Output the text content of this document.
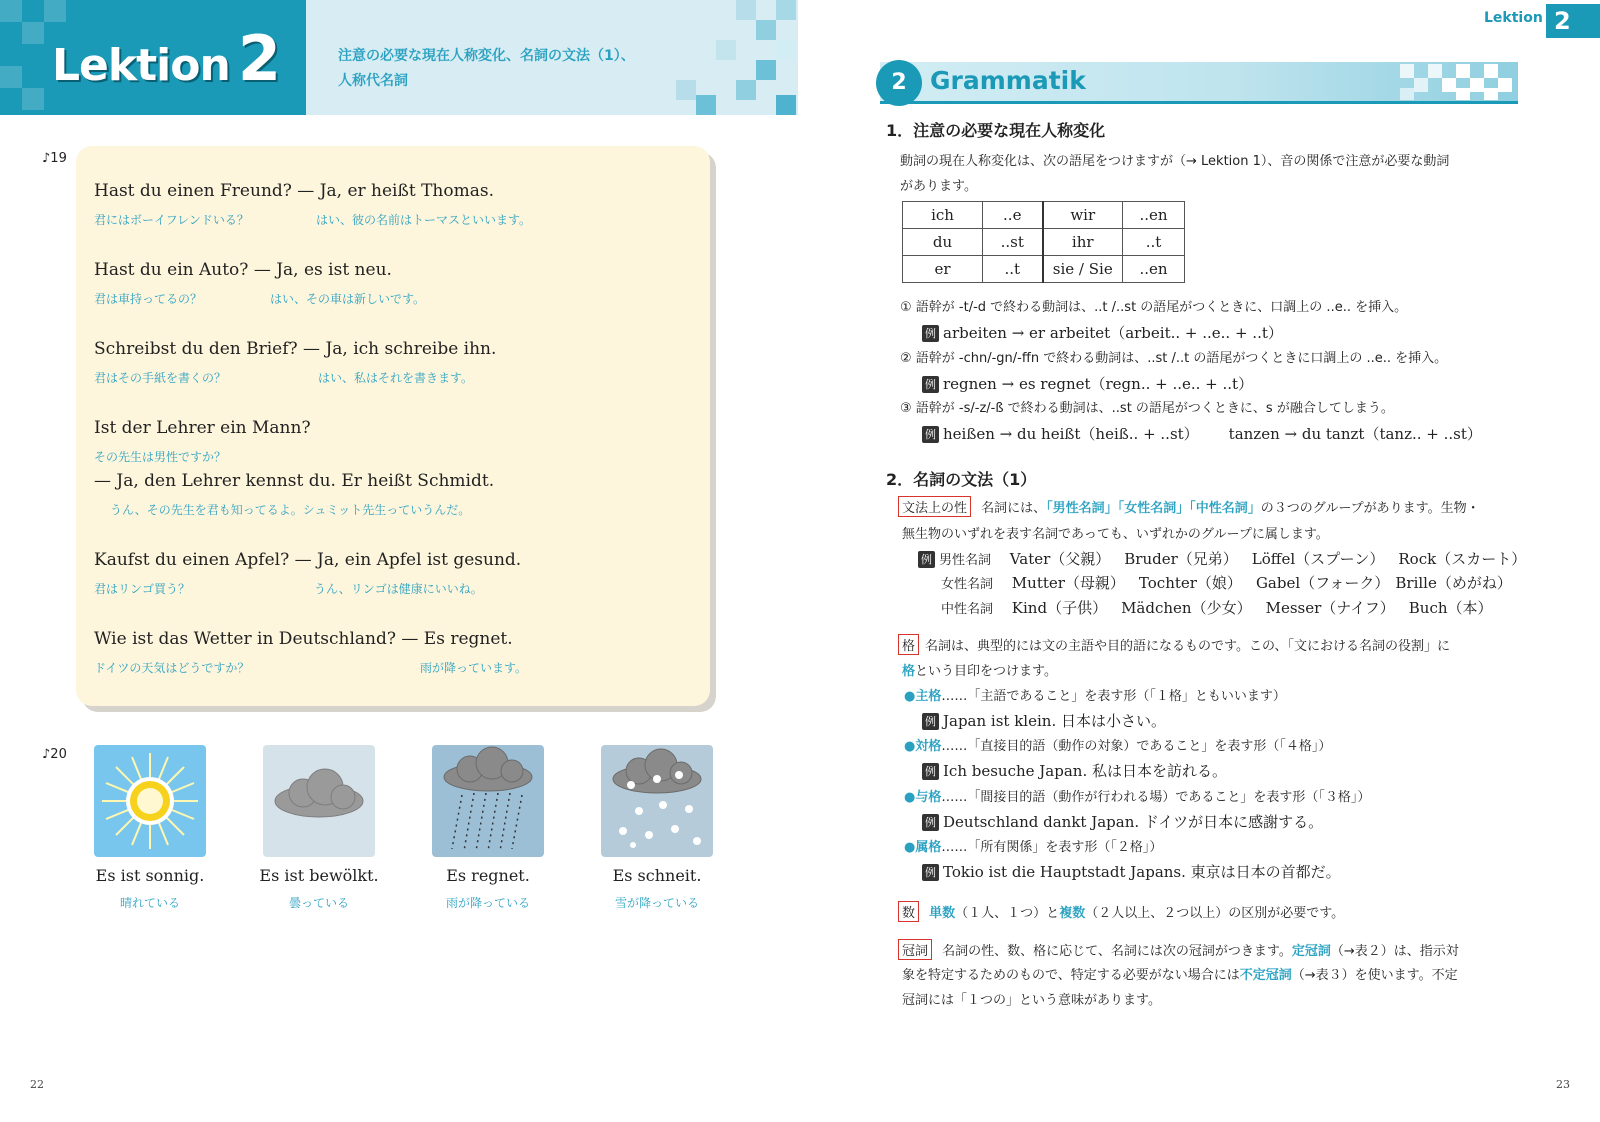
Lektion 2	注意の必要な現在人称変化、名詞の文法（1）、
人称代名詞
♪19
Hast du einen Freund? — Ja, er heißt Thomas.
君にはボーイフレンドいる？	はい、彼の名前はトーマスといいます。
Hast du ein Auto? — Ja, es ist neu.
君は車持ってるの？	はい、その車は新しいです。
Schreibst du den Brief? — Ja, ich schreibe ihn.
君はその手紙を書くの？	はい、私はそれを書きます。
Ist der Lehrer ein Mann?
その先生は男性ですか？
— Ja, den Lehrer kennst du. Er heißt Schmidt.
うん、その先生を君も知ってるよ。シュミット先生っていうんだ。
Kaufst du einen Apfel? — Ja, ein Apfel ist gesund.
君はリンゴ買う？	うん、リンゴは健康にいいね。
Wie ist das Wetter in Deutschland? — Es regnet.
ドイツの天気はどうですか？	雨が降っています。
♪20
Es ist sonnig.
晴れている
Es ist bewölkt.
曇っている
Es regnet.
雨が降っている
Es schneit.
雪が降っている
22
Lektion 2
2 Grammatik
1．注意の必要な現在人称変化
動詞の現在人称変化は、次の語尾をつけますが（→ Lektion 1）、音の関係で注意が必要な動詞
があります。
ich	..e	wir	..en
du	..st	ihr	..t
er	..t	sie / Sie	..en
① 語幹が -t/-d で終わる動詞は、..t /..st の語尾がつくときに、口調上の ..e.. を挿入。
例 arbeiten → er arbeitet（arbeit.. + ..e.. + ..t）
② 語幹が -chn/-gn/-ffn で終わる動詞は、..st /..t の語尾がつくときに口調上の ..e.. を挿入。
例 regnen → es regnet（regn.. + ..e.. + ..t）
③ 語幹が -s/-z/-ß で終わる動詞は、..st の語尾がつくときに、s が融合してしまう。
例 heißen → du heißt（heiß.. + ..st） tanzen → du tanzt（tanz.. + ..st）
2．名詞の文法（1）
文法上の性 名詞には、「男性名詞」「女性名詞」「中性名詞」の３つのグループがあります。生物・
無生物のいずれを表す名詞であっても、いずれかのグループに属します。
例 男性名詞 Vater（父親） Bruder（兄弟） Löffel（スプーン） Rock（スカート）
女性名詞 Mutter（母親） Tochter（娘） Gabel（フォーク） Brille（めがね）
中性名詞 Kind（子供） Mädchen（少女） Messer（ナイフ） Buch（本）
格 名詞は、典型的には文の主語や目的語になるものです。この、「文における名詞の役割」に
格という目印をつけます。
●主格……「主語であること」を表す形（「１格」ともいいます）
例 Japan ist klein. 日本は小さい。
●対格……「直接目的語（動作の対象）であること」を表す形（「４格」）
例 Ich besuche Japan. 私は日本を訪れる。
●与格……「間接目的語（動作が行われる場）であること」を表す形（「３格」）
例 Deutschland dankt Japan. ドイツが日本に感謝する。
●属格……「所有関係」を表す形（「２格」）
例 Tokio ist die Hauptstadt Japans. 東京は日本の首都だ。
数 単数（１人、１つ）と複数（２人以上、２つ以上）の区別が必要です。
冠詞 名詞の性、数、格に応じて、名詞には次の冠詞がつきます。定冠詞（→表２）は、指示対
象を特定するためのもので、特定する必要がない場合には不定冠詞（→表３）を使います。不定
冠詞には「１つの」という意味があります。
23
